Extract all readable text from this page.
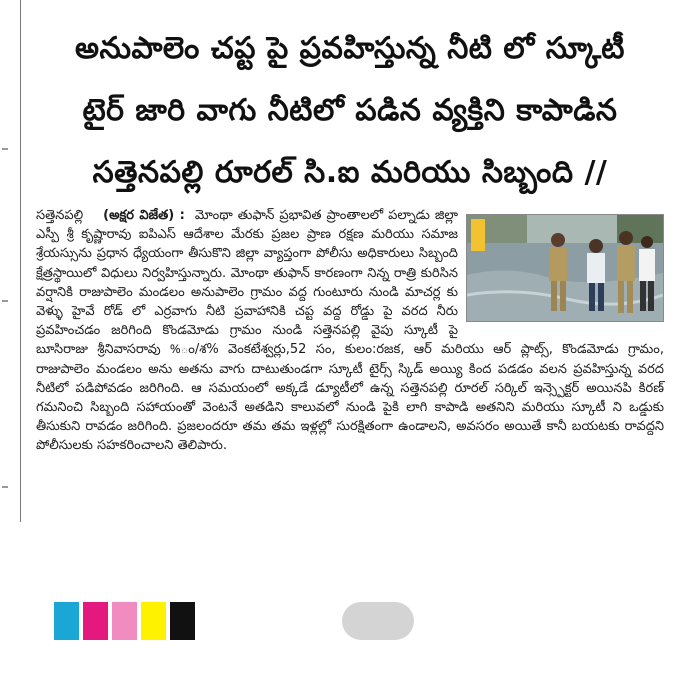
అనుపాలెం చప్ట పై ప్రవహిస్తున్న నీటి లో స్కూటీ
టైర్ జారి వాగు నీటిలో పడిన వ్యక్తిని కాపాడిన
సత్తెనపల్లి రూరల్ సి.ఐ మరియు సిబ్బంది //

సత్తెనపల్లి (అక్షర విజేత) : మోంథా తుఫాన్ ప్రభావిత ప్రాంతాలలో పల్నాడు జిల్లా ఎస్పీ శ్రీ కృష్ణారావు ఐపిఎస్ ఆదేశాల మేరకు ప్రజల ప్రాణ రక్షణ మరియు సమాజ శ్రేయస్సును ప్రధాన ధ్యేయంగా తీసుకొని జిల్లా వ్యాప్తంగా పోలీసు అధికారులు సిబ్బంది క్షేత్రస్థాయిలో విధులు నిర్వహిస్తున్నారు. మోంథా తుఫాన్ కారణంగా నిన్న రాత్రి కురిసిన వర్షానికి రాజుపాలెం మండలం అనుపాలెం గ్రామం వద్ద గుంటూరు నుండి మాచర్ల కు వెళ్ళు హైవే రోడ్ లో ఎర్రవాగు నీటి ప్రవాహానికి చప్ట వద్ద రోడ్డు పై వరద నీరు ప్రవహించడం జరిగింది కొండమోడు గ్రామం నుండి సత్తెనపల్లి వైపు స్కూటీ పై బూసిరాజు శ్రీనివాసరావు %ం/శ% వెంకటేశ్వర్లు,52 సం, కులం:రజక, ఆర్ మరియు ఆర్ ప్లాట్స్, కొండమోడు గ్రామం, రాజుపాలెం మండలం అను అతను వాగు దాటుతుండగా స్కూటీ టైర్స్ స్కిడ్ అయ్యి కింద పడడం వలన ప్రవహిస్తున్న వరద నీటిలో పడిపోవడం జరిగింది. ఆ సమయంలో అక్కడే డ్యూటీలో ఉన్న సత్తెనపల్లి రూరల్ సర్కిల్ ఇన్స్పెక్టర్ అయినపి కిరణ్ గమనించి సిబ్బంది సహాయంతో వెంటనే అతడిని కాలువలో నుండి పైకి లాగి కాపాడి అతనిని మరియు స్కూటీ ని ఒడ్డుకు తీసుకుని రావడం జరిగింది. ప్రజలందరూ తమ తమ ఇళ్లల్లో సురక్షితంగా ఉండాలని, అవసరం అయితే కానీ బయటకు రావద్దని పోలీసులకు సహకరించాలని తెలిపారు.
